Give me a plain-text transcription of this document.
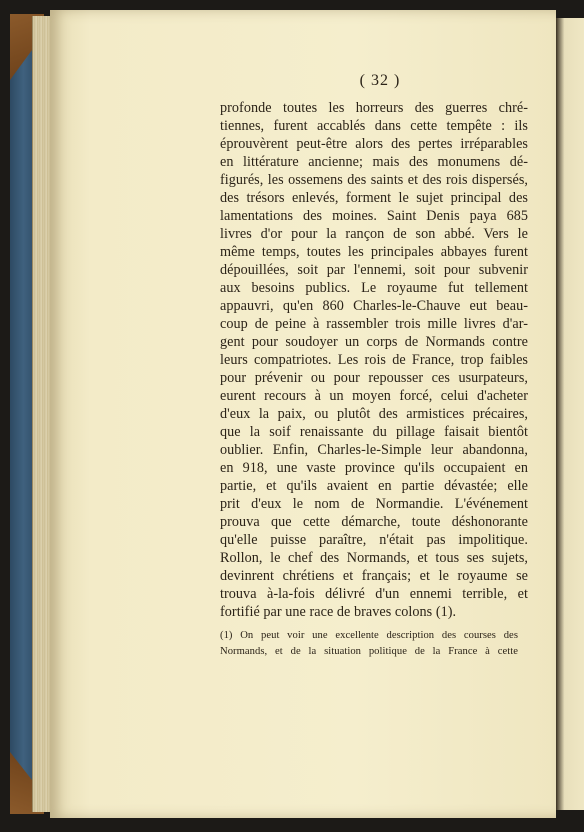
( 32 )
profonde toutes les horreurs des guerres chré-
tiennes, furent accablés dans cette tempête : ils
éprouvèrent peut-être alors des pertes irréparables
en littérature ancienne; mais des monumens dé-
figurés, les ossemens des saints et des rois dispersés,
des trésors enlevés, forment le sujet principal des
lamentations des moines. Saint Denis paya 685
livres d'or pour la rançon de son abbé. Vers le
même temps, toutes les principales abbayes furent
dépouillées, soit par l'ennemi, soit pour subvenir
aux besoins publics. Le royaume fut tellement
appauvri, qu'en 860 Charles-le-Chauve eut beau-
coup de peine à rassembler trois mille livres d'ar-
gent pour soudoyer un corps de Normands contre
leurs compatriotes. Les rois de France, trop faibles
pour prévenir ou pour repousser ces usurpateurs,
eurent recours à un moyen forcé, celui d'acheter
d'eux la paix, ou plutôt des armistices précaires,
que la soif renaissante du pillage faisait bientôt
oublier. Enfin, Charles-le-Simple leur abandonna,
en 918, une vaste province qu'ils occupaient en
partie, et qu'ils avaient en partie dévastée; elle
prit d'eux le nom de Normandie. L'événement
prouva que cette démarche, toute déshonorante
qu'elle puisse paraître, n'était pas impolitique.
Rollon, le chef des Normands, et tous ses sujets,
devinrent chrétiens et français; et le royaume se
trouva à-la-fois délivré d'un ennemi terrible, et
fortifié par une race de braves colons (1).
(1) On peut voir une excellente description des courses des
Normands, et de la situation politique de la France à cette
